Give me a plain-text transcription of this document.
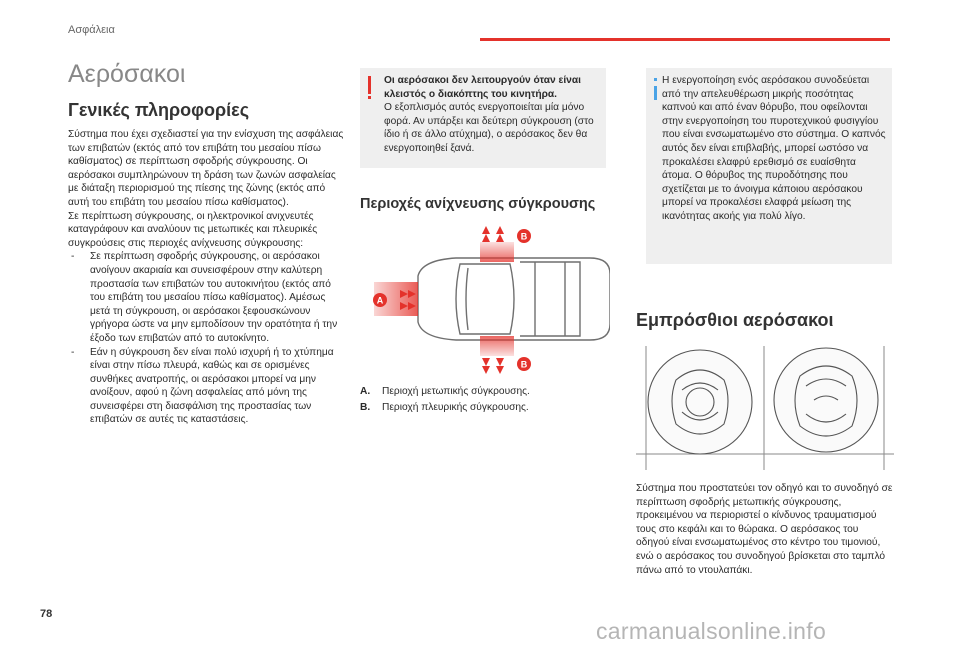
Ασφάλεια
Αερόσακοι
Γενικές πληροφορίες

Σύστημα που έχει σχεδιαστεί για την ενίσχυση της ασφάλειας των επιβατών (εκτός από τον επιβάτη του μεσαίου πίσω καθίσματος) σε περίπτωση σφοδρής σύγκρουσης. Οι αερόσακοι συμπληρώνουν τη δράση των ζωνών ασφαλείας με διάταξη περιορισμού της πίεσης της ζώνης (εκτός από αυτή του επιβάτη του μεσαίου πίσω καθίσματος).

Σε περίπτωση σύγκρουσης, οι ηλεκτρονικοί ανιχνευτές καταγράφουν και αναλύουν τις μετωπικές και πλευρικές συγκρούσεις στις περιοχές ανίχνευσης σύγκρουσης:

- Σε περίπτωση σφοδρής σύγκρουσης, οι αερόσακοι ανοίγουν ακαριαία και συνεισφέρουν στην καλύτερη προστασία των επιβατών του αυτοκινήτου (εκτός από του επιβάτη του μεσαίου πίσω καθίσματος). Αμέσως μετά τη σύγκρουση, οι αερόσακοι ξεφουσκώνουν γρήγορα ώστε να μην εμποδίσουν την ορατότητα ή την έξοδο των επιβατών από το αυτοκίνητο.
- Εάν η σύγκρουση δεν είναι πολύ ισχυρή ή το χτύπημα είναι στην πίσω πλευρά, καθώς και σε ορισμένες συνθήκες ανατροπής, οι αερόσακοι μπορεί να μην ανοίξουν, αφού η ζώνη ασφαλείας από μόνη της συνεισφέρει στη διασφάλιση της προστασίας των επιβατών σε αυτές τις καταστάσεις.

Οι αερόσακοι δεν λειτουργούν όταν είναι κλειστός ο διακόπτης του κινητήρα.

Ο εξοπλισμός αυτός ενεργοποιείται μία μόνο φορά. Αν υπάρξει και δεύτερη σύγκρουση (στο ίδιο ή σε άλλο ατύχημα), ο αερόσακος δεν θα ενεργοποιηθεί ξανά.

Περιοχές ανίχνευσης σύγκρουσης
B
A
B
A. Περιοχή μετωπικής σύγκρουσης.
B. Περιοχή πλευρικής σύγκρουσης.

Η ενεργοποίηση ενός αερόσακου συνοδεύεται από την απελευθέρωση μικρής ποσότητας καπνού και από έναν θόρυβο, που οφείλονται στην ενεργοποίηση του πυροτεχνικού φυσιγγίου που είναι ενσωματωμένο στο σύστημα. Ο καπνός αυτός δεν είναι επιβλαβής, μπορεί ωστόσο να προκαλέσει ελαφρύ ερεθισμό σε ευαίσθητα άτομα. Ο θόρυβος της πυροδότησης που σχετίζεται με το άνοιγμα κάποιου αερόσακου μπορεί να προκαλέσει ελαφρά μείωση της ικανότητας ακοής για πολύ λίγο.

Εμπρόσθιοι αερόσακοι

Σύστημα που προστατεύει τον οδηγό και το συνοδηγό σε περίπτωση σφοδρής μετωπικής σύγκρουσης, προκειμένου να περιοριστεί ο κίνδυνος τραυματισμού τους στο κεφάλι και το θώρακα. Ο αερόσακος του οδηγού είναι ενσωματωμένος στο κέντρο του τιμονιού, ενώ ο αερόσακος του συνοδηγού βρίσκεται στο ταμπλό πάνω από το ντουλαπάκι.

78
carmanualsonline.info
